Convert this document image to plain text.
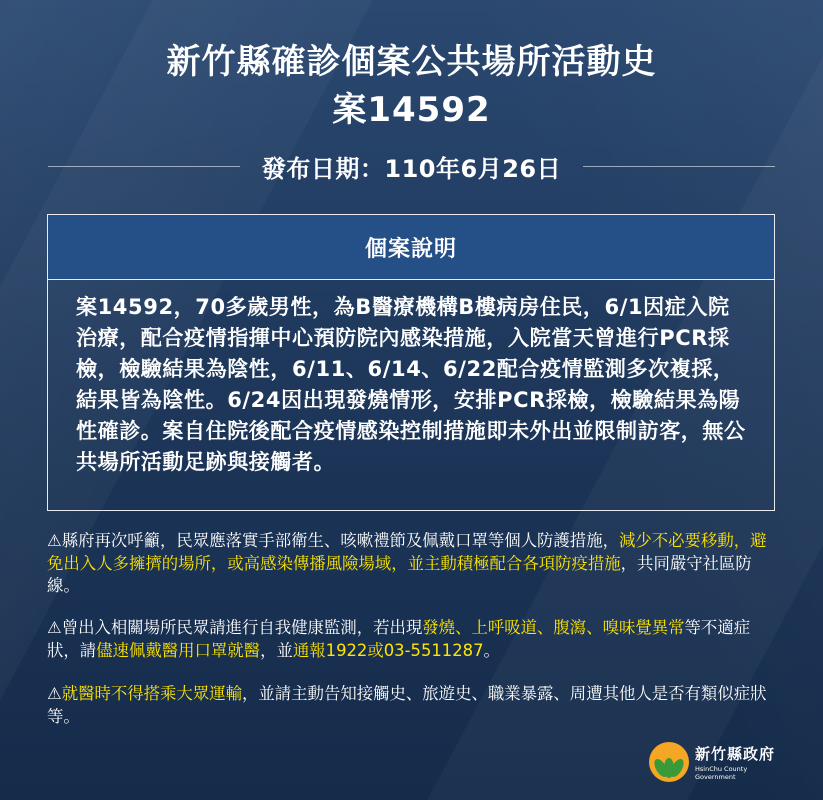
新竹縣確診個案公共場所活動史
案14592
發布日期：110年6月26日
個案說明
案14592，70多歲男性，為B醫療機構B樓病房住民，6/1因症入院治療，配合疫情指揮中心預防院內感染措施，入院當天曾進行PCR採檢，檢驗結果為陰性，6/11、6/14、6/22配合疫情監測多次複採，結果皆為陰性。6/24因出現發燒情形，安排PCR採檢，檢驗結果為陽性確診。案自住院後配合疫情感染控制措施即未外出並限制訪客，無公共場所活動足跡與接觸者。
⚠縣府再次呼籲，民眾應落實手部衛生、咳嗽禮節及佩戴口罩等個人防護措施，減少不必要移動，避免出入人多擁擠的場所，或高感染傳播風險場域，並主動積極配合各項防疫措施，共同嚴守社區防線。
⚠曾出入相關場所民眾請進行自我健康監測，若出現發燒、上呼吸道、腹瀉、嗅味覺異常等不適症狀，請儘速佩戴醫用口罩就醫，並通報1922或03-5511287。
⚠就醫時不得搭乘大眾運輸，並請主動告知接觸史、旅遊史、職業暴露、周遭其他人是否有類似症狀等。
新竹縣政府
HsinChu County Government
